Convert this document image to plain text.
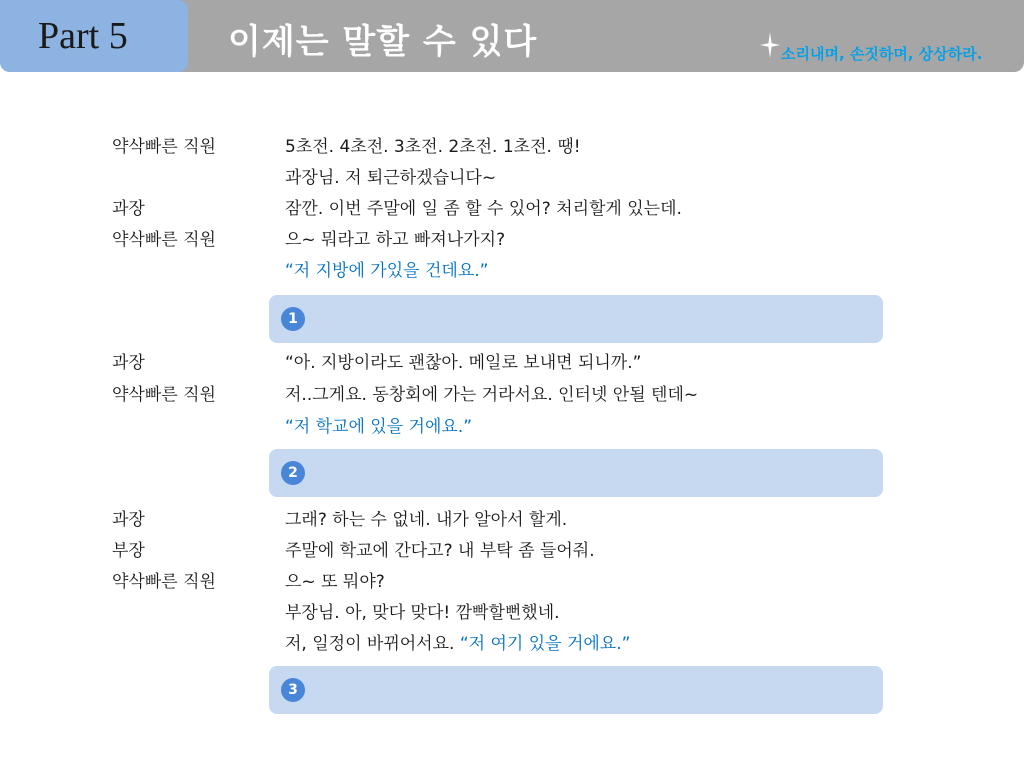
Part 5	이제는 말할 수 있다	소리내며, 손짓하며, 상상하라.
약삭빠른 직원	5초전. 4초전. 3초전. 2초전. 1초전. 땡!
과장님. 저 퇴근하겠습니다~
과장	잠깐. 이번 주말에 일 좀 할 수 있어? 처리할게 있는데.
약삭빠른 직원	으~ 뭐라고 하고 빠져나가지?
“저 지방에 가있을 건데요.”
1
과장	“아. 지방이라도 괜찮아. 메일로 보내면 되니까.”
약삭빠른 직원	저..그게요. 동창회에 가는 거라서요. 인터넷 안될 텐데~
“저 학교에 있을 거에요.”
2
과장	그래? 하는 수 없네. 내가 알아서 할게.
부장	주말에 학교에 간다고? 내 부탁 좀 들어줘.
약삭빠른 직원	으~ 또 뭐야?
부장님. 아, 맞다 맞다! 깜빡할뻔했네.
저, 일정이 바뀌어서요. “저 여기 있을 거에요.”
3
